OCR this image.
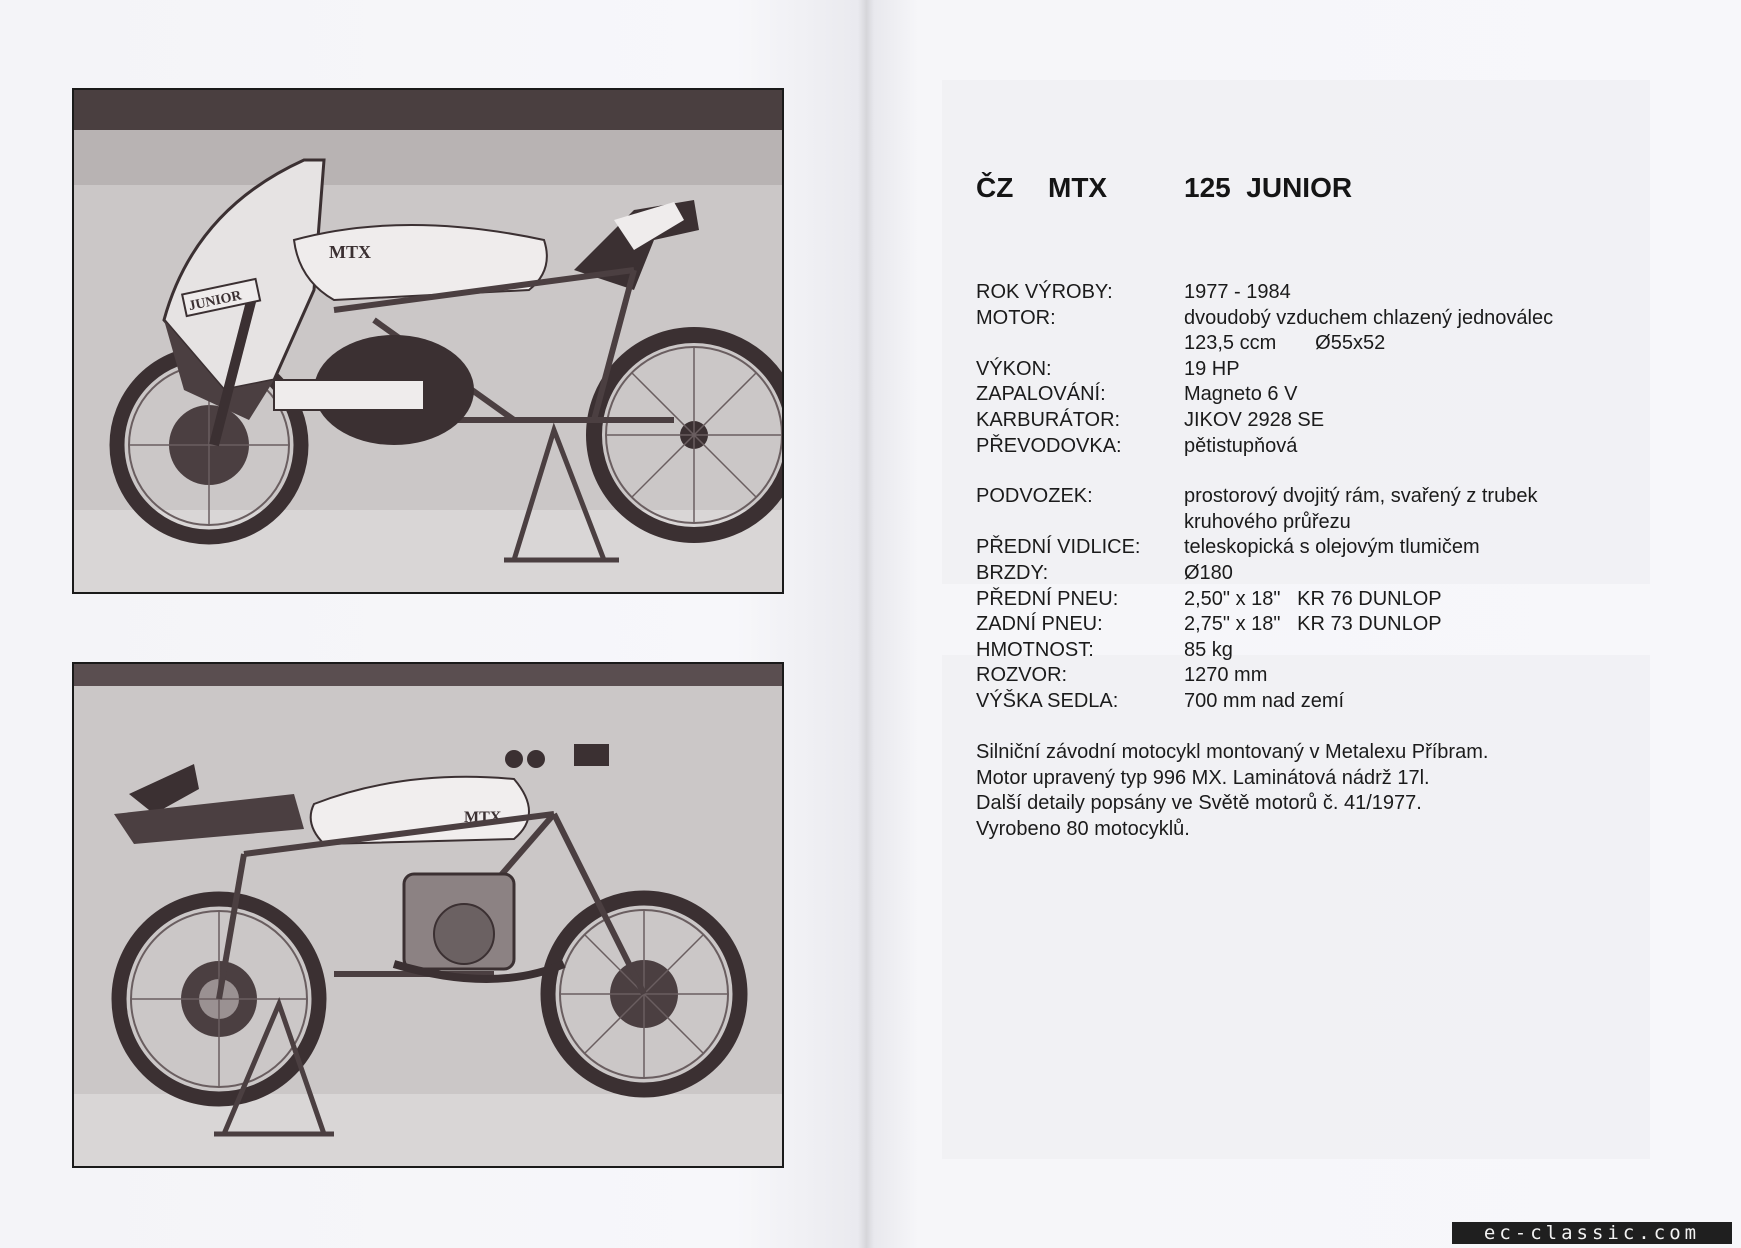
MTX
JUNIOR
MTX
ČZ MTX	125  JUNIOR
ROK VÝROBY:	1977 - 1984
MOTOR:	dvoudobý vzduchem chlazený jednoválec
123,5 ccm       Ø55x52
VÝKON:	19 HP
ZAPALOVÁNÍ:	Magneto 6 V
KARBURÁTOR:	JIKOV 2928 SE
PŘEVODOVKA:	pětistupňová
PODVOZEK:	prostorový dvojitý rám, svařený z trubek
kruhového průřezu
PŘEDNÍ VIDLICE: teleskopická s olejovým tlumičem
BRZDY:	Ø180
PŘEDNÍ PNEU:	2,50" x 18"   KR 76 DUNLOP
ZADNÍ PNEU:	2,75" x 18"   KR 73 DUNLOP
HMOTNOST:	85 kg
ROZVOR:	1270 mm
VÝŠKA SEDLA:	700 mm nad zemí
Silniční závodní motocykl montovaný v Metalexu Příbram.
Motor upravený typ 996 MX. Laminátová nádrž 17l.
Další detaily popsány ve Světě motorů č. 41/1977.
Vyrobeno 80 motocyklů.
ec-classic.com
